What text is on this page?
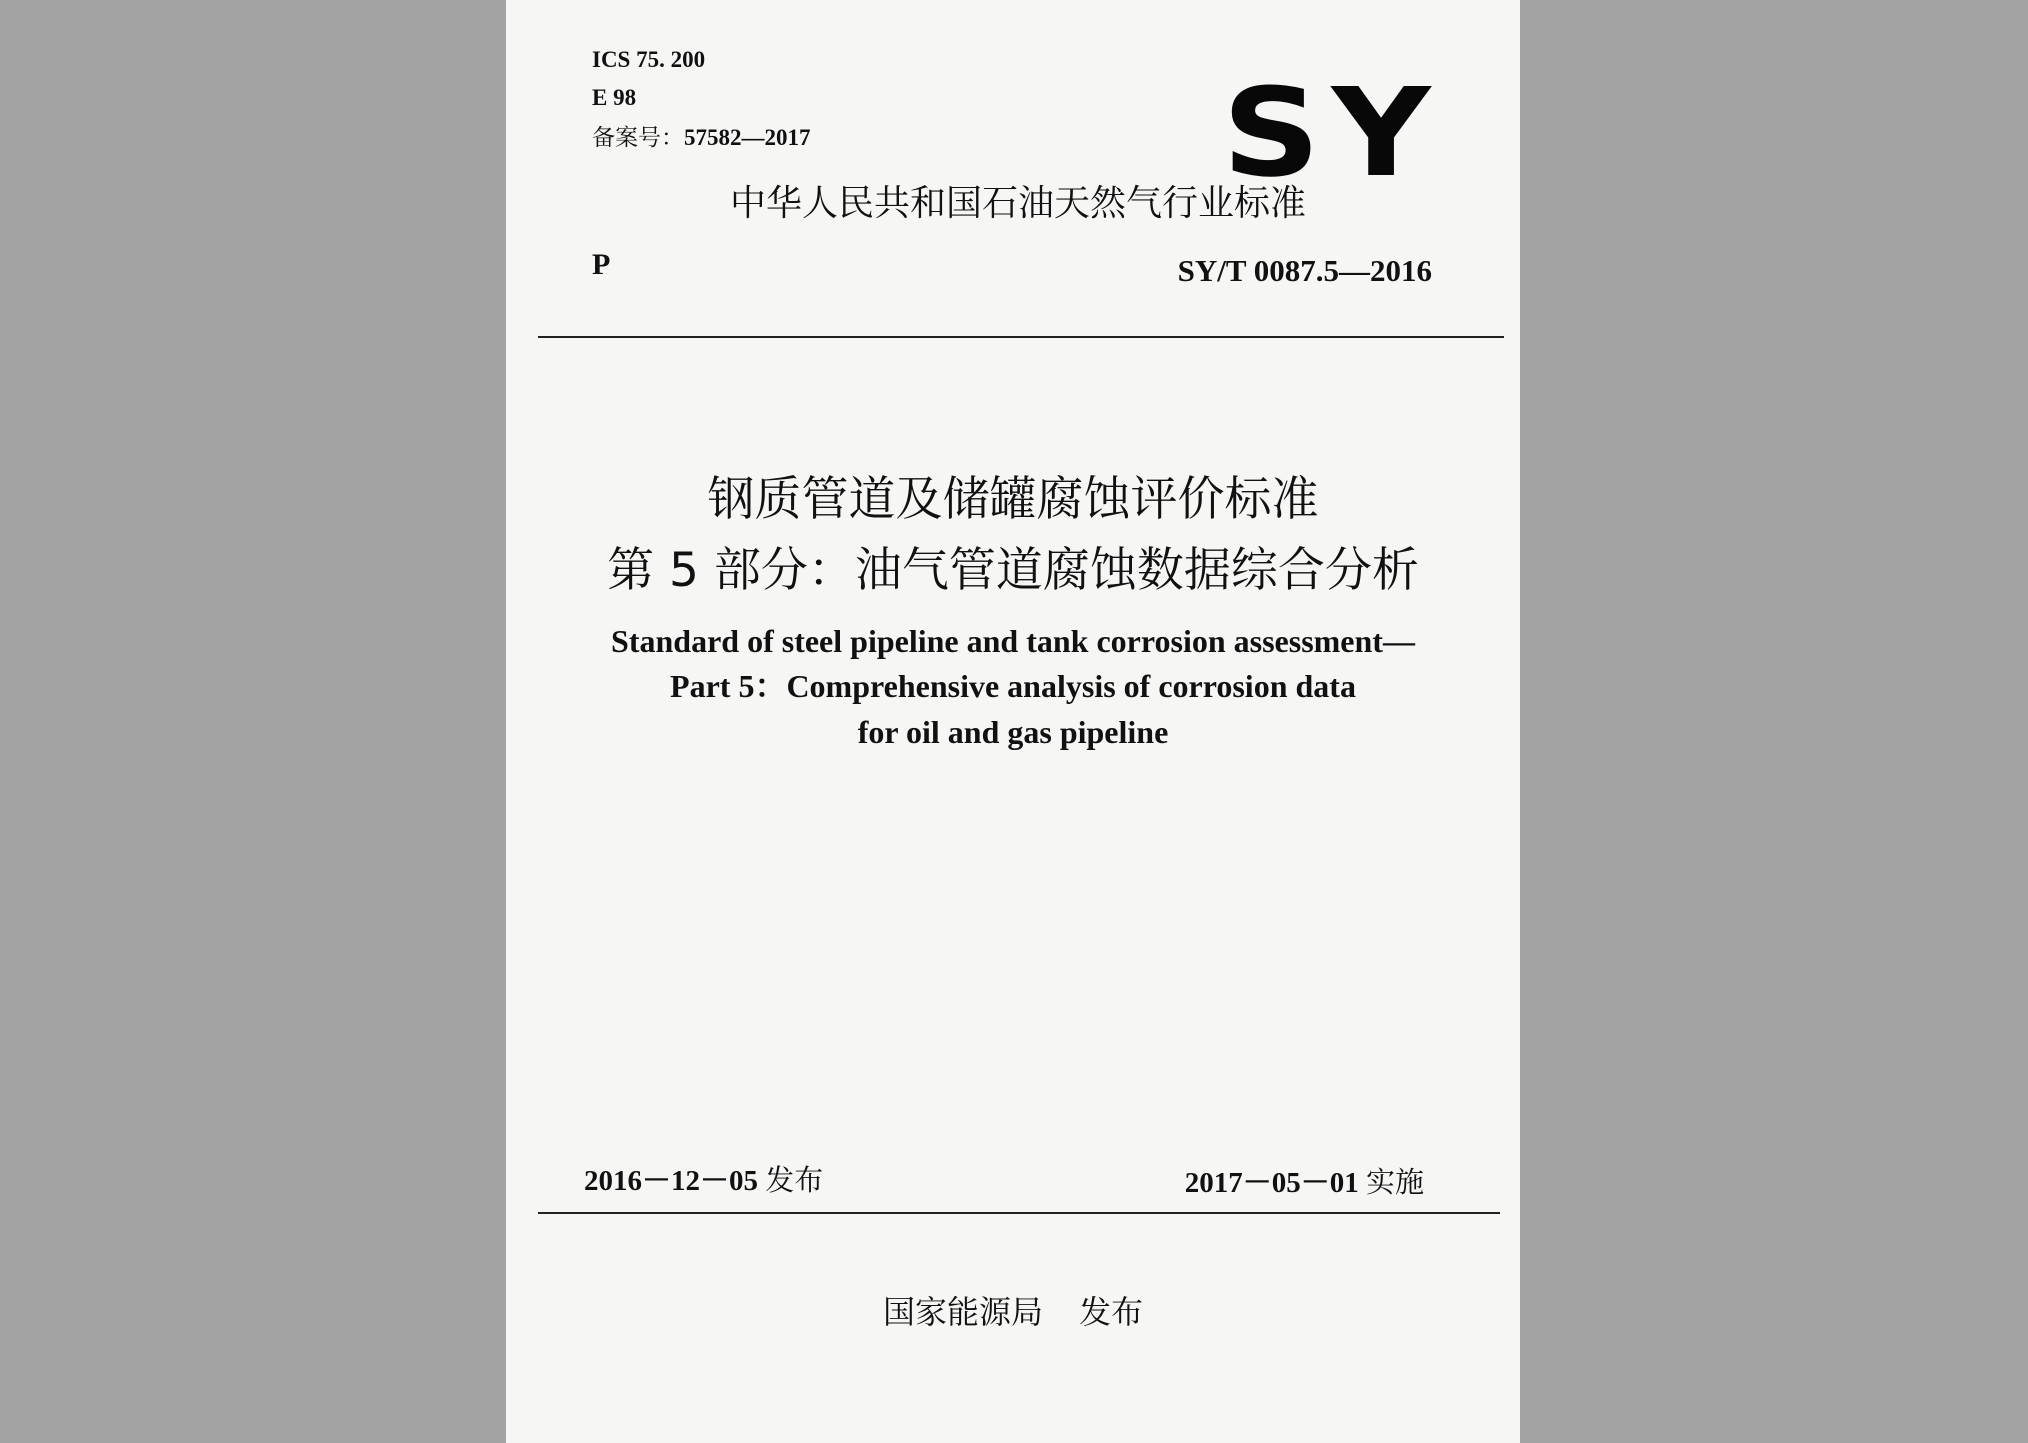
ICS 75. 200
E 98
备案号：57582—2017	SY
中华人民共和国石油天然气行业标准
P	SY/T 0087.5—2016
钢质管道及储罐腐蚀评价标准
第 5 部分：油气管道腐蚀数据综合分析
Standard of steel pipeline and tank corrosion assessment—
Part 5：Comprehensive analysis of corrosion data
for oil and gas pipeline
2016－12－05 发布	2017－05－01 实施
国家能源局 发布
